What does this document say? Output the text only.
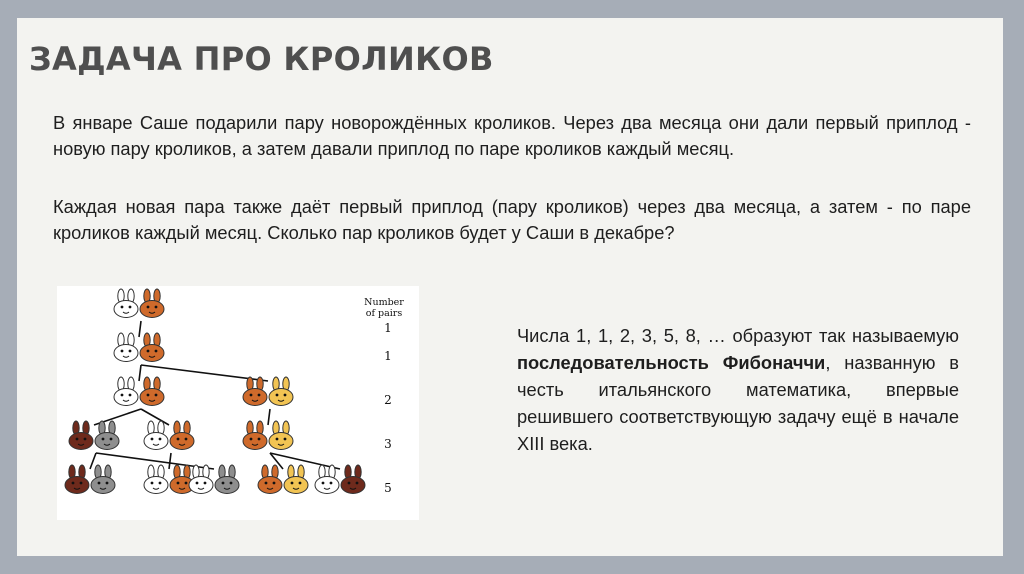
ЗАДАЧА ПРО КРОЛИКОВ

В январе Саше подарили пару новорождённых кроликов. Через два месяца они дали первый приплод - новую пару кроликов, а затем давали приплод по паре кроликов каждый месяц.

Каждая новая пара также даёт первый приплод (пару кроликов) через два месяца, а затем - по паре кроликов каждый месяц. Сколько пар кроликов будет у Саши в декабре?

Number
of pairs
1
1
2
3
5

Числа 1, 1, 2, 3, 5, 8, … образуют так называемую последовательность Фибоначчи, названную в честь итальянского математика, впервые решившего соответствующую задачу ещё в начале XIII века.
